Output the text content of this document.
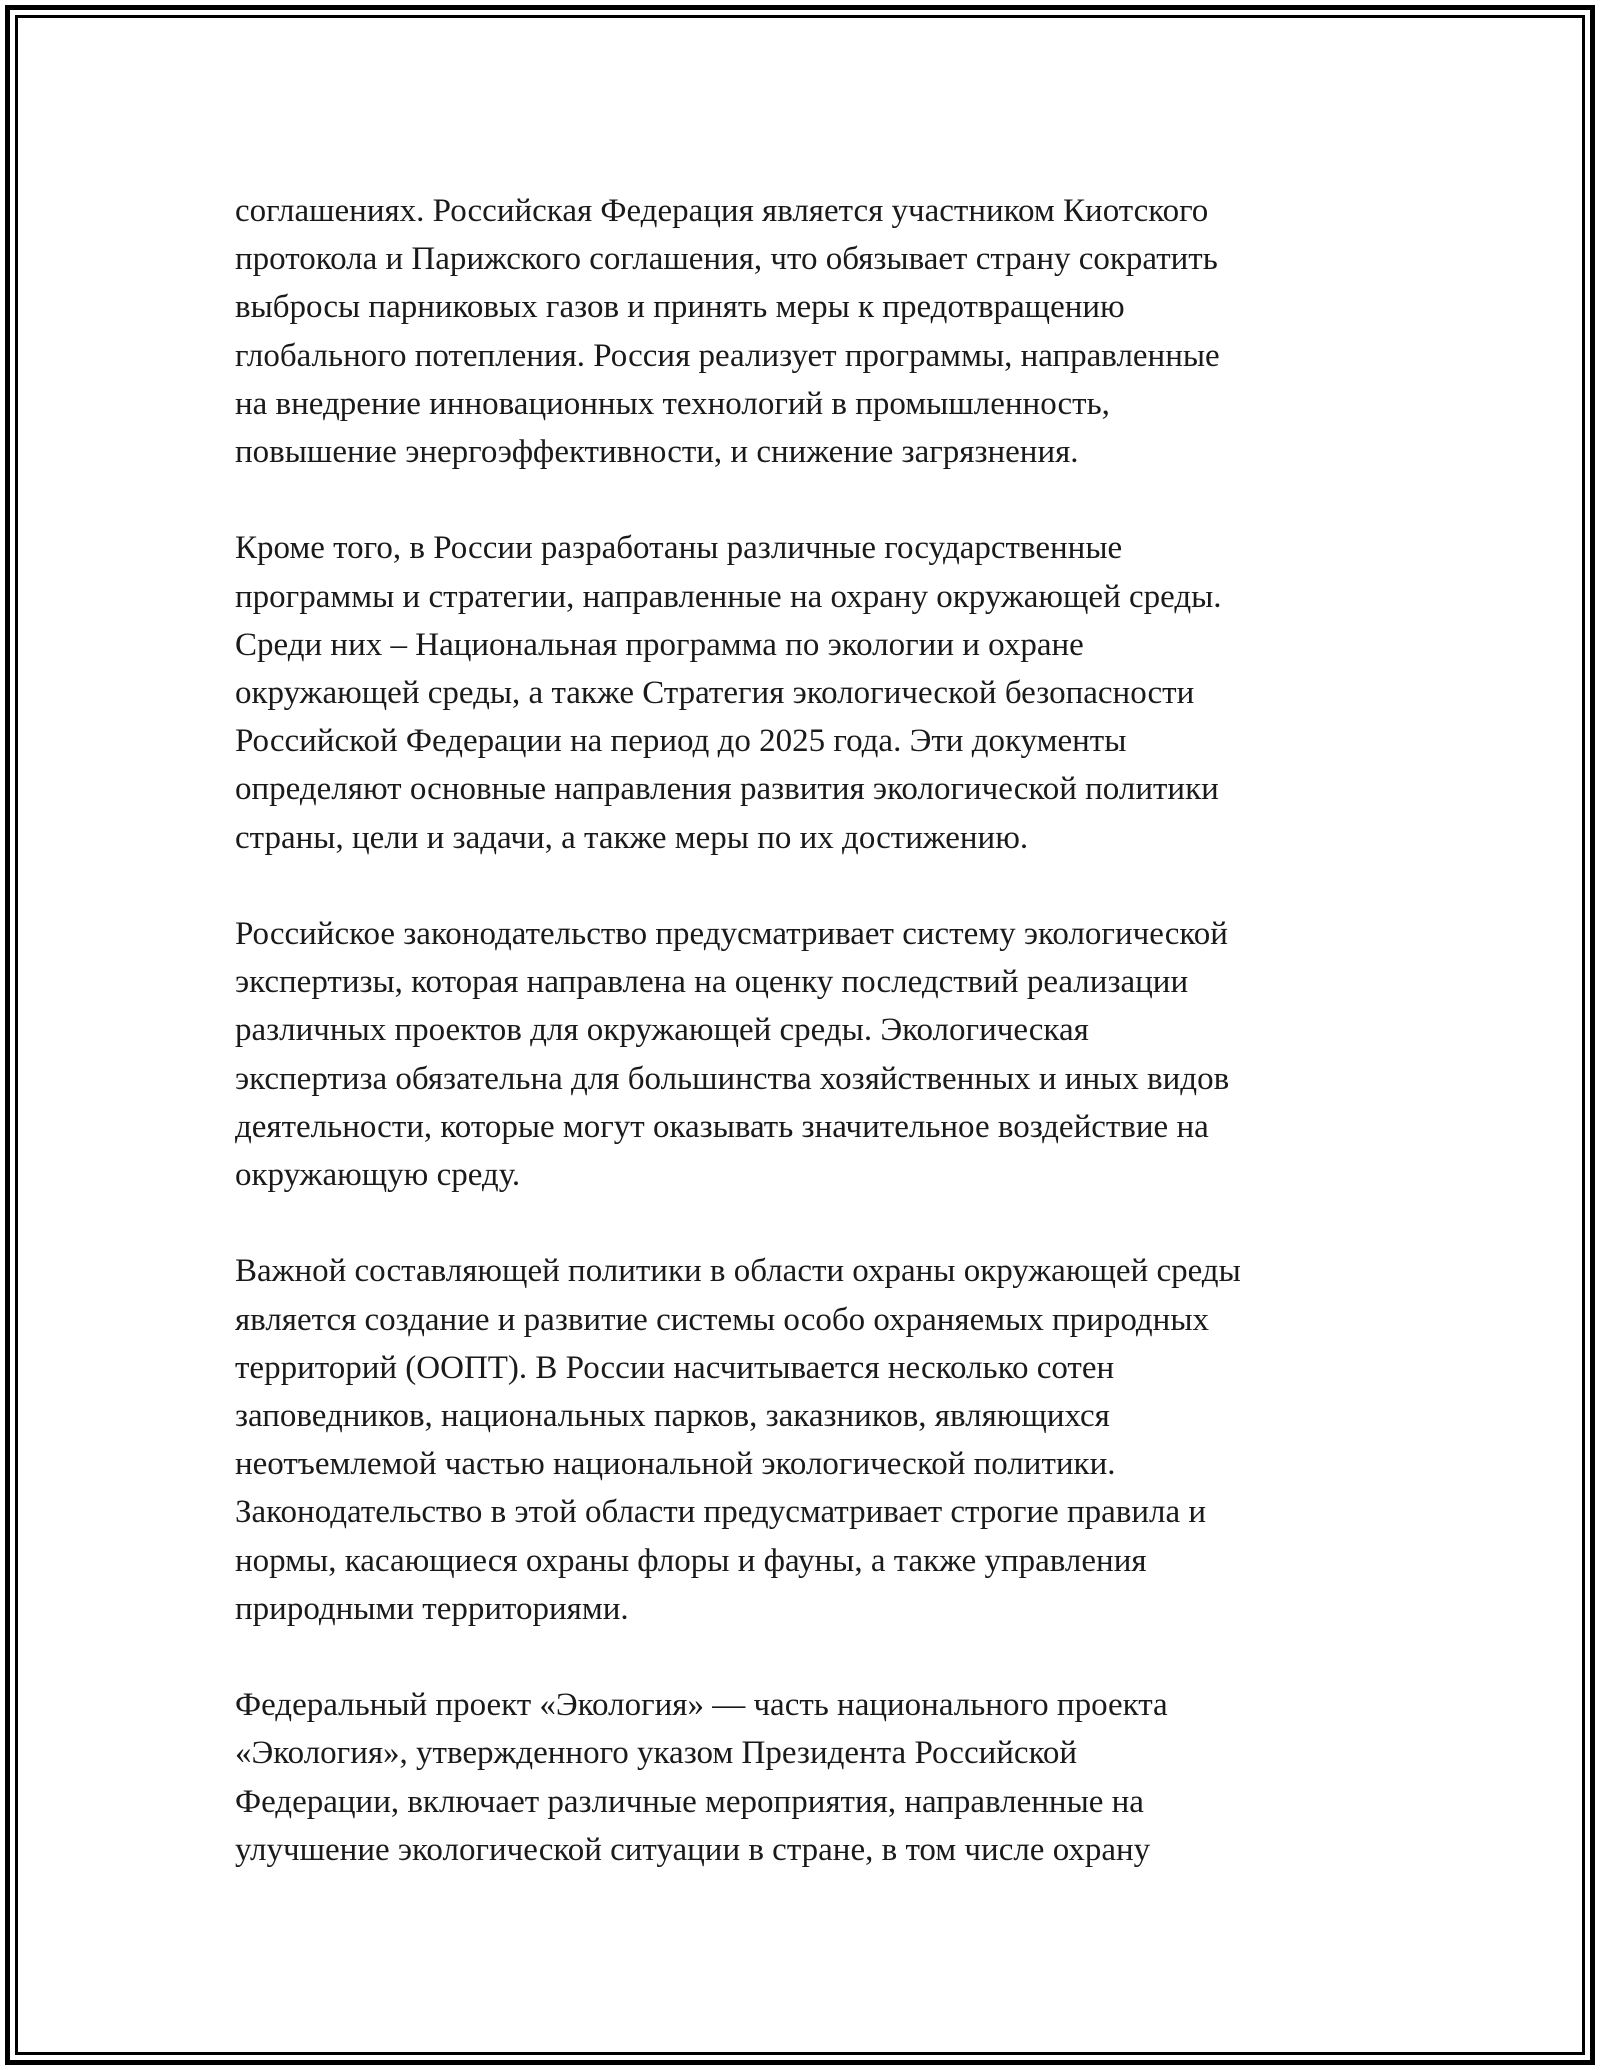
соглашениях. Российская Федерация является участником Киотского
протокола и Парижского соглашения, что обязывает страну сократить
выбросы парниковых газов и принять меры к предотвращению
глобального потепления. Россия реализует программы, направленные
на внедрение инновационных технологий в промышленность,
повышение энергоэффективности, и снижение загрязнения.

Кроме того, в России разработаны различные государственные
программы и стратегии, направленные на охрану окружающей среды.
Среди них – Национальная программа по экологии и охране
окружающей среды, а также Стратегия экологической безопасности
Российской Федерации на период до 2025 года. Эти документы
определяют основные направления развития экологической политики
страны, цели и задачи, а также меры по их достижению.

Российское законодательство предусматривает систему экологической
экспертизы, которая направлена на оценку последствий реализации
различных проектов для окружающей среды. Экологическая
экспертиза обязательна для большинства хозяйственных и иных видов
деятельности, которые могут оказывать значительное воздействие на
окружающую среду.

Важной составляющей политики в области охраны окружающей среды
является создание и развитие системы особо охраняемых природных
территорий (ООПТ). В России насчитывается несколько сотен
заповедников, национальных парков, заказников, являющихся
неотъемлемой частью национальной экологической политики.
Законодательство в этой области предусматривает строгие правила и
нормы, касающиеся охраны флоры и фауны, а также управления
природными территориями.

Федеральный проект «Экология» — часть национального проекта
«Экология», утвержденного указом Президента Российской
Федерации, включает различные мероприятия, направленные на
улучшение экологической ситуации в стране, в том числе охрану
